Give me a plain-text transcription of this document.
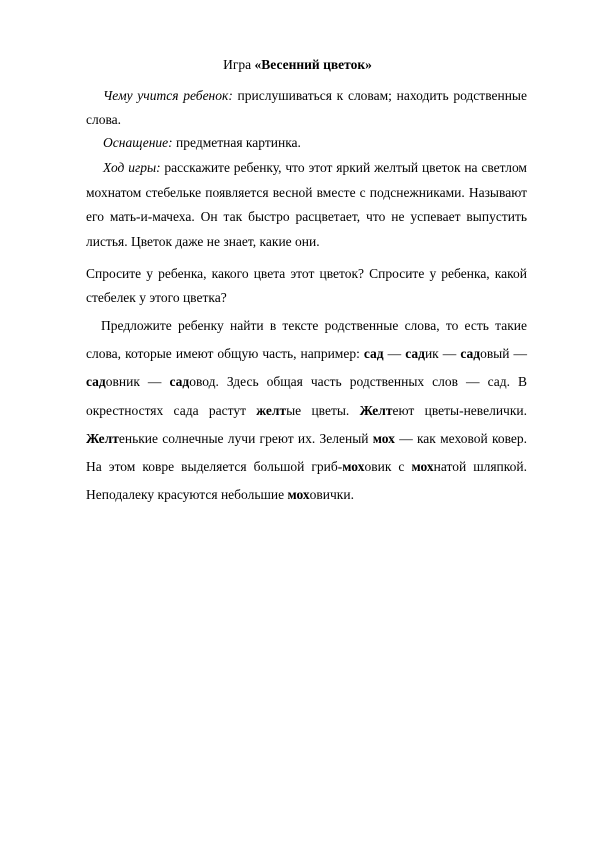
Игра «Весенний цветок»

Чему учится ребенок: прислушиваться к словам; находить родственные слова.

Оснащение: предметная картинка.

Ход игры: расскажите ребенку, что этот яркий желтый цветок на светлом мохнатом стебельке появляется весной вместе с подснежниками. Называют его мать-и-мачеха. Он так быстро расцветает, что не успевает выпустить листья. Цветок даже не знает, какие они.

Спросите у ребенка, какого цвета этот цветок? Спросите у ребенка, какой стебелек у этого цветка?

Предложите ребенку найти в тексте родственные слова, то есть такие слова, которые имеют общую часть, например: сад — садик — садовый — садовник — садовод. Здесь общая часть родственных слов — сад. В окрестностях сада растут желтые цветы. Желтеют цветы-невелички. Желтенькие солнечные лучи греют их. Зеленый мох — как меховой ковер. На этом ковре выделяется большой гриб-моховик с мохнатой шляпкой. Неподалеку красуются небольшие моховички.
